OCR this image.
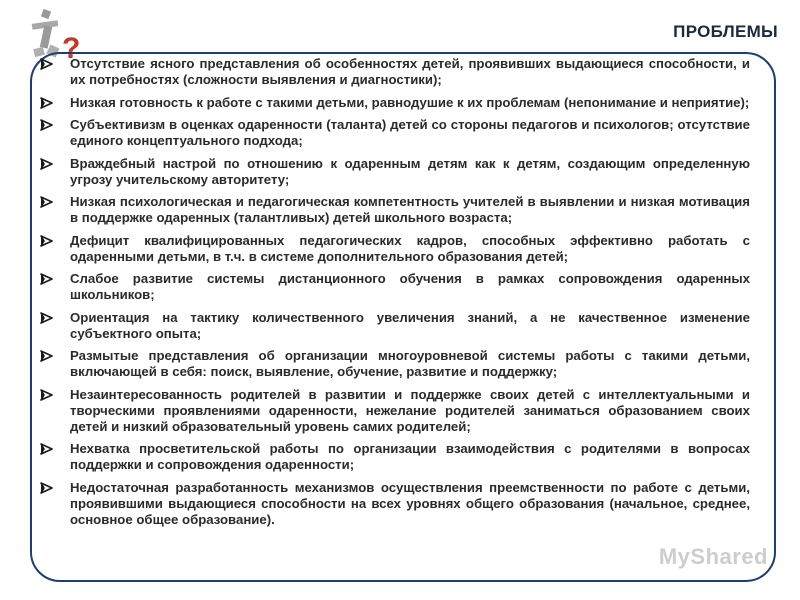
?
ПРОБЛЕМЫ
Отсутствие ясного представления об особенностях детей, проявивших выдающиеся способности, и их потребностях (сложности выявления и диагностики);
Низкая готовность к работе с такими детьми, равнодушие к их проблемам (непонимание и неприятие);
Субъективизм в оценках одаренности (таланта) детей со стороны педагогов и психологов; отсутствие единого концептуального подхода;
Враждебный настрой по отношению к одаренным детям как к детям, создающим определенную угрозу учительскому авторитету;
Низкая психологическая и педагогическая компетентность учителей в выявлении и низкая мотивация в поддержке одаренных (талантливых) детей школьного возраста;
Дефицит квалифицированных педагогических кадров, способных эффективно работать с одаренными детьми, в т.ч. в системе дополнительного образования детей;
Слабое развитие системы дистанционного обучения в рамках сопровождения одаренных школьников;
Ориентация на тактику количественного увеличения знаний, а не качественное изменение субъектного опыта;
Размытые представления об организации многоуровневой системы работы с такими детьми, включающей в себя: поиск, выявление, обучение, развитие и поддержку;
Незаинтересованность родителей в развитии и поддержке своих детей с интеллектуальными и творческими проявлениями одаренности, нежелание родителей заниматься образованием своих детей и низкий образовательный уровень самих родителей;
Нехватка просветительской работы по организации взаимодействия с родителями в вопросах поддержки и сопровождения одаренности;
Недостаточная разработанность механизмов осуществления преемственности по работе с детьми, проявившими выдающиеся способности на всех уровнях общего образования (начальное, среднее, основное общее образование).
MyShared
